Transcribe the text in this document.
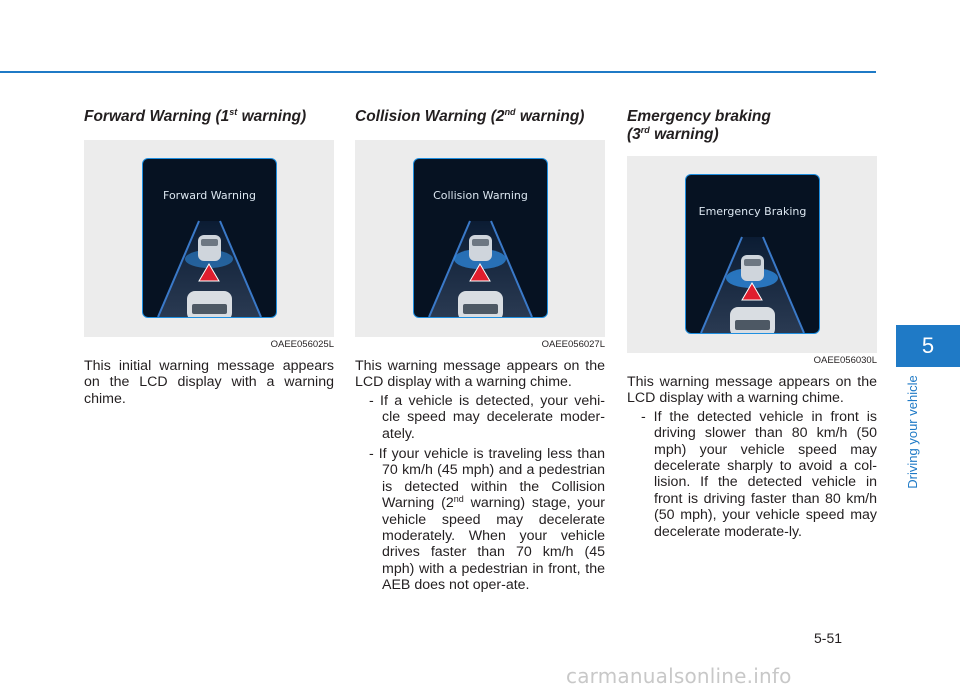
Forward Warning (1st warning)
Forward Warning
OAEE056025L

This initial warning message appears on the LCD display with a warning chime.

Collision Warning (2nd warning)
Collision Warning
OAEE056027L

This warning message appears on the LCD display with a warning chime.

- If a vehicle is detected, your vehi-cle speed may decelerate moder-ately.
- If your vehicle is traveling less than 70 km/h (45 mph) and a pedestrian is detected within the Collision Warning (2nd warning) stage, your vehicle speed may decelerate moderately. When your vehicle drives faster than 70 km/h (45 mph) with a pedestrian in front, the AEB does not oper-ate.
Emergency braking
(3rd warning)
Emergency Braking
OAEE056030L

This warning message appears on the LCD display with a warning chime.

- If the detected vehicle in front is driving slower than 80 km/h (50 mph) your vehicle speed may decelerate sharply to avoid a col-lision. If the detected vehicle in front is driving faster than 80 km/h (50 mph), your vehicle speed may decelerate moderate-ly.
5
Driving your vehicle
5-51
carmanualsonline.info
